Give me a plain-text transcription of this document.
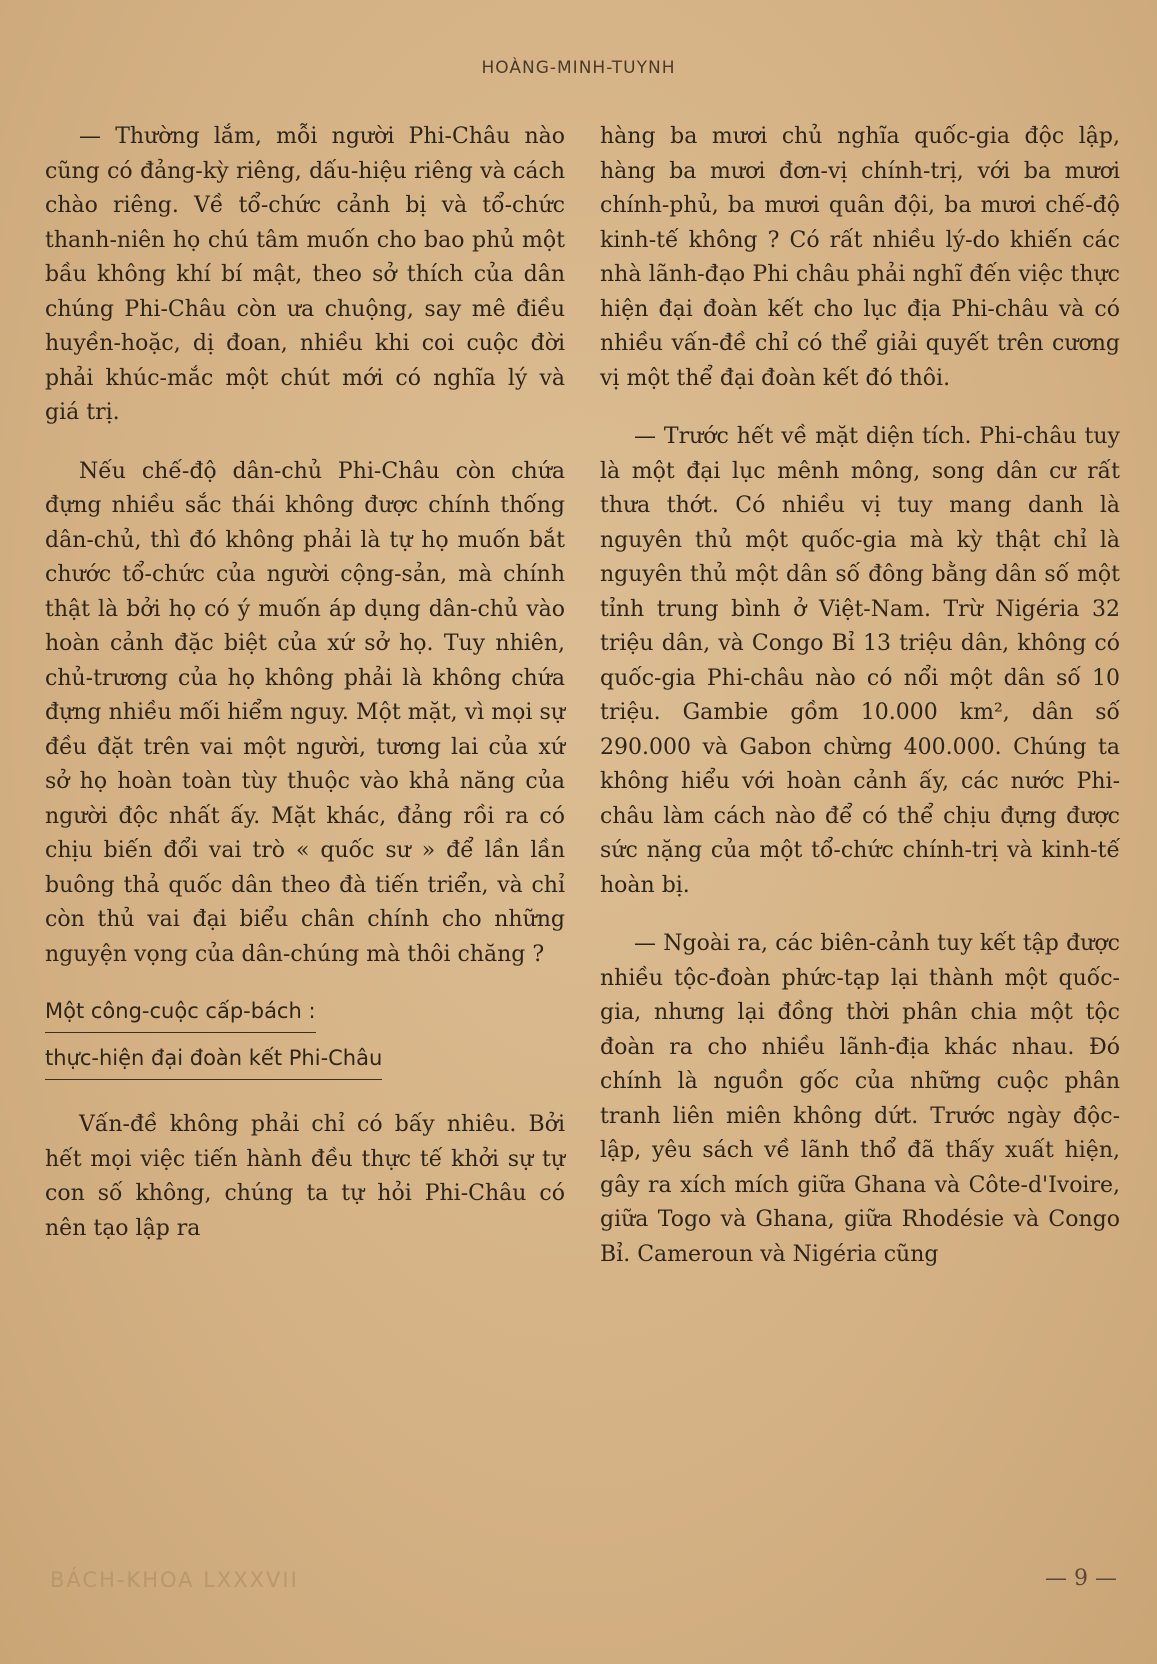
HOÀNG-MINH-TUYNH

— Thường lắm, mỗi người Phi-Châu nào cũng có đảng-kỳ riêng, dấu-hiệu riêng và cách chào riêng. Về tổ-chức cảnh bị và tổ-chức thanh-niên họ chú tâm muốn cho bao phủ một bầu không khí bí mật, theo sở thích của dân chúng Phi-Châu còn ưa chuộng, say mê điều huyền-hoặc, dị đoan, nhiều khi coi cuộc đời phải khúc-mắc một chút mới có nghĩa lý và giá trị.

Nếu chế-độ dân-chủ Phi-Châu còn chứa đựng nhiều sắc thái không được chính thống dân-chủ, thì đó không phải là tự họ muốn bắt chước tổ-chức của người cộng-sản, mà chính thật là bởi họ có ý muốn áp dụng dân-chủ vào hoàn cảnh đặc biệt của xứ sở họ. Tuy nhiên, chủ-trương của họ không phải là không chứa đựng nhiều mối hiểm nguy. Một mặt, vì mọi sự đều đặt trên vai một người, tương lai của xứ sở họ hoàn toàn tùy thuộc vào khả năng của người độc nhất ấy. Mặt khác, đảng rồi ra có chịu biến đổi vai trò « quốc sư » để lần lần buông thả quốc dân theo đà tiến triển, và chỉ còn thủ vai đại biểu chân chính cho những nguyện vọng của dân-chúng mà thôi chăng ?

Một công-cuộc cấp-bách :
thực-hiện đại đoàn kết Phi-Châu

Vấn-đề không phải chỉ có bấy nhiêu. Bởi hết mọi việc tiến hành đều thực tế khởi sự tự con số không, chúng ta tự hỏi Phi-Châu có nên tạo lập ra

hàng ba mươi chủ nghĩa quốc-gia độc lập, hàng ba mươi đơn-vị chính-trị, với ba mươi chính-phủ, ba mươi quân đội, ba mươi chế-độ kinh-tế không ? Có rất nhiều lý-do khiến các nhà lãnh-đạo Phi châu phải nghĩ đến việc thực hiện đại đoàn kết cho lục địa Phi-châu và có nhiều vấn-đề chỉ có thể giải quyết trên cương vị một thể đại đoàn kết đó thôi.

— Trước hết về mặt diện tích. Phi-châu tuy là một đại lục mênh mông, song dân cư rất thưa thớt. Có nhiều vị tuy mang danh là nguyên thủ một quốc-gia mà kỳ thật chỉ là nguyên thủ một dân số đông bằng dân số một tỉnh trung bình ở Việt-Nam. Trừ Nigéria 32 triệu dân, và Congo Bỉ 13 triệu dân, không có quốc-gia Phi-châu nào có nổi một dân số 10 triệu. Gambie gồm 10.000 km², dân số 290.000 và Gabon chừng 400.000. Chúng ta không hiểu với hoàn cảnh ấy, các nước Phi-châu làm cách nào để có thể chịu đựng được sức nặng của một tổ-chức chính-trị và kinh-tế hoàn bị.

— Ngoài ra, các biên-cảnh tuy kết tập được nhiều tộc-đoàn phức-tạp lại thành một quốc-gia, nhưng lại đồng thời phân chia một tộc đoàn ra cho nhiều lãnh-địa khác nhau. Đó chính là nguồn gốc của những cuộc phân tranh liên miên không dứt. Trước ngày độc-lập, yêu sách về lãnh thổ đã thấy xuất hiện, gây ra xích mích giữa Ghana và Côte-d'Ivoire, giữa Togo và Ghana, giữa Rhodésie và Congo Bỉ. Cameroun và Nigéria cũng

BÁCH-KHOA LXXXVII	— 9 —
